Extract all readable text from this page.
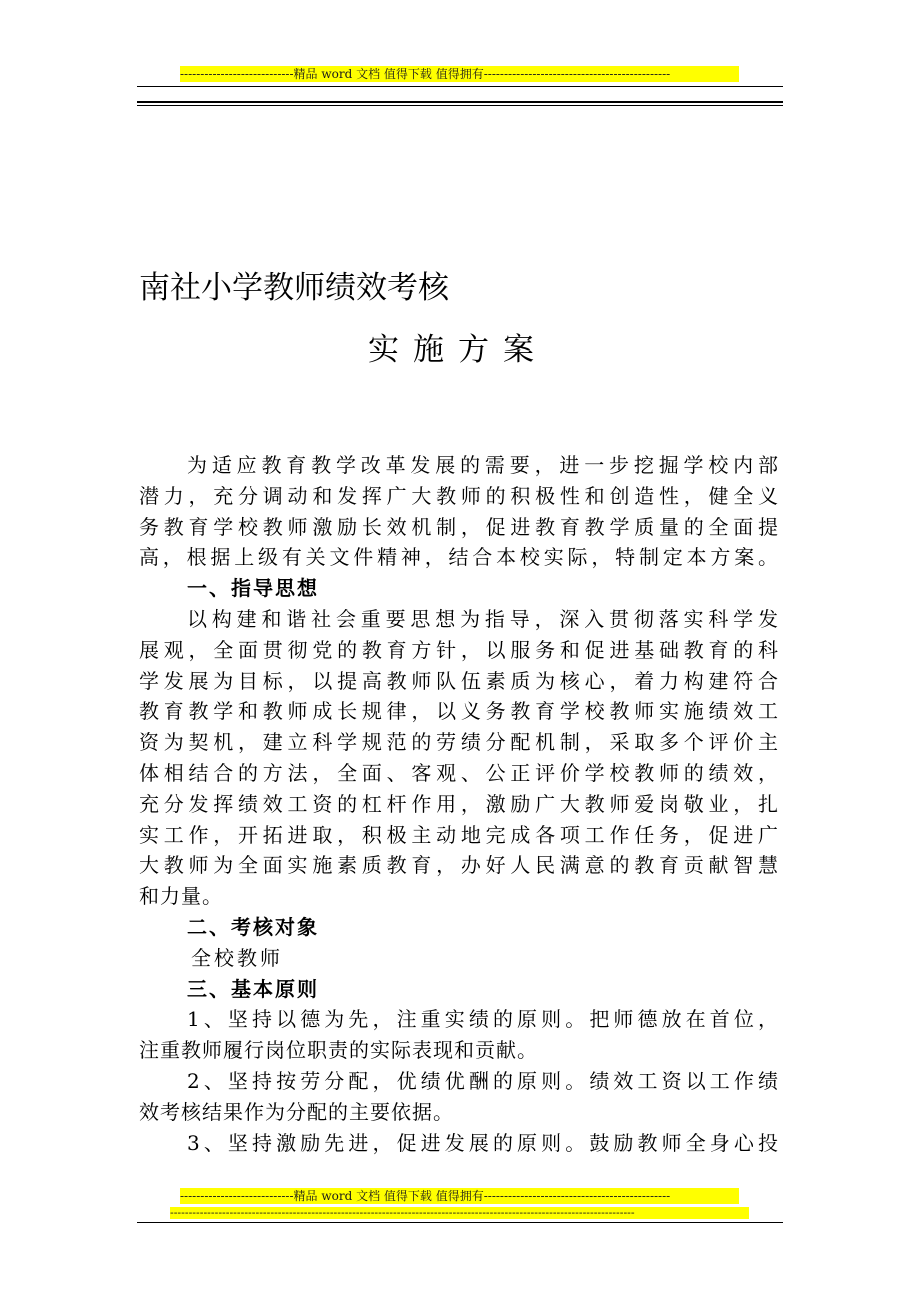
----------------------------精品 word 文档 值得下载 值得拥有----------------------------------------------
南社小学教师绩效考核
实施方案
为适应教育教学改革发展的需要，进一步挖掘学校内部
潜力，充分调动和发挥广大教师的积极性和创造性，健全义
务教育学校教师激励长效机制，促进教育教学质量的全面提
高，根据上级有关文件精神，结合本校实际，特制定本方案。
一、指导思想
以构建和谐社会重要思想为指导，深入贯彻落实科学发
展观，全面贯彻党的教育方针，以服务和促进基础教育的科
学发展为目标，以提高教师队伍素质为核心，着力构建符合
教育教学和教师成长规律，以义务教育学校教师实施绩效工
资为契机，建立科学规范的劳绩分配机制，采取多个评价主
体相结合的方法，全面、客观、公正评价学校教师的绩效，
充分发挥绩效工资的杠杆作用，激励广大教师爱岗敬业，扎
实工作，开拓进取，积极主动地完成各项工作任务，促进广
大教师为全面实施素质教育，办好人民满意的教育贡献智慧
和力量。
二、考核对象
全校教师
三、基本原则
1、坚持以德为先，注重实绩的原则。把师德放在首位，
注重教师履行岗位职责的实际表现和贡献。
2、坚持按劳分配，优绩优酬的原则。绩效工资以工作绩
效考核结果作为分配的主要依据。
3、坚持激励先进，促进发展的原则。鼓励教师全身心投
----------------------------精品 word 文档 值得下载 值得拥有----------------------------------------------
-----------------------------------------------------------------------------------------------------------------------------
